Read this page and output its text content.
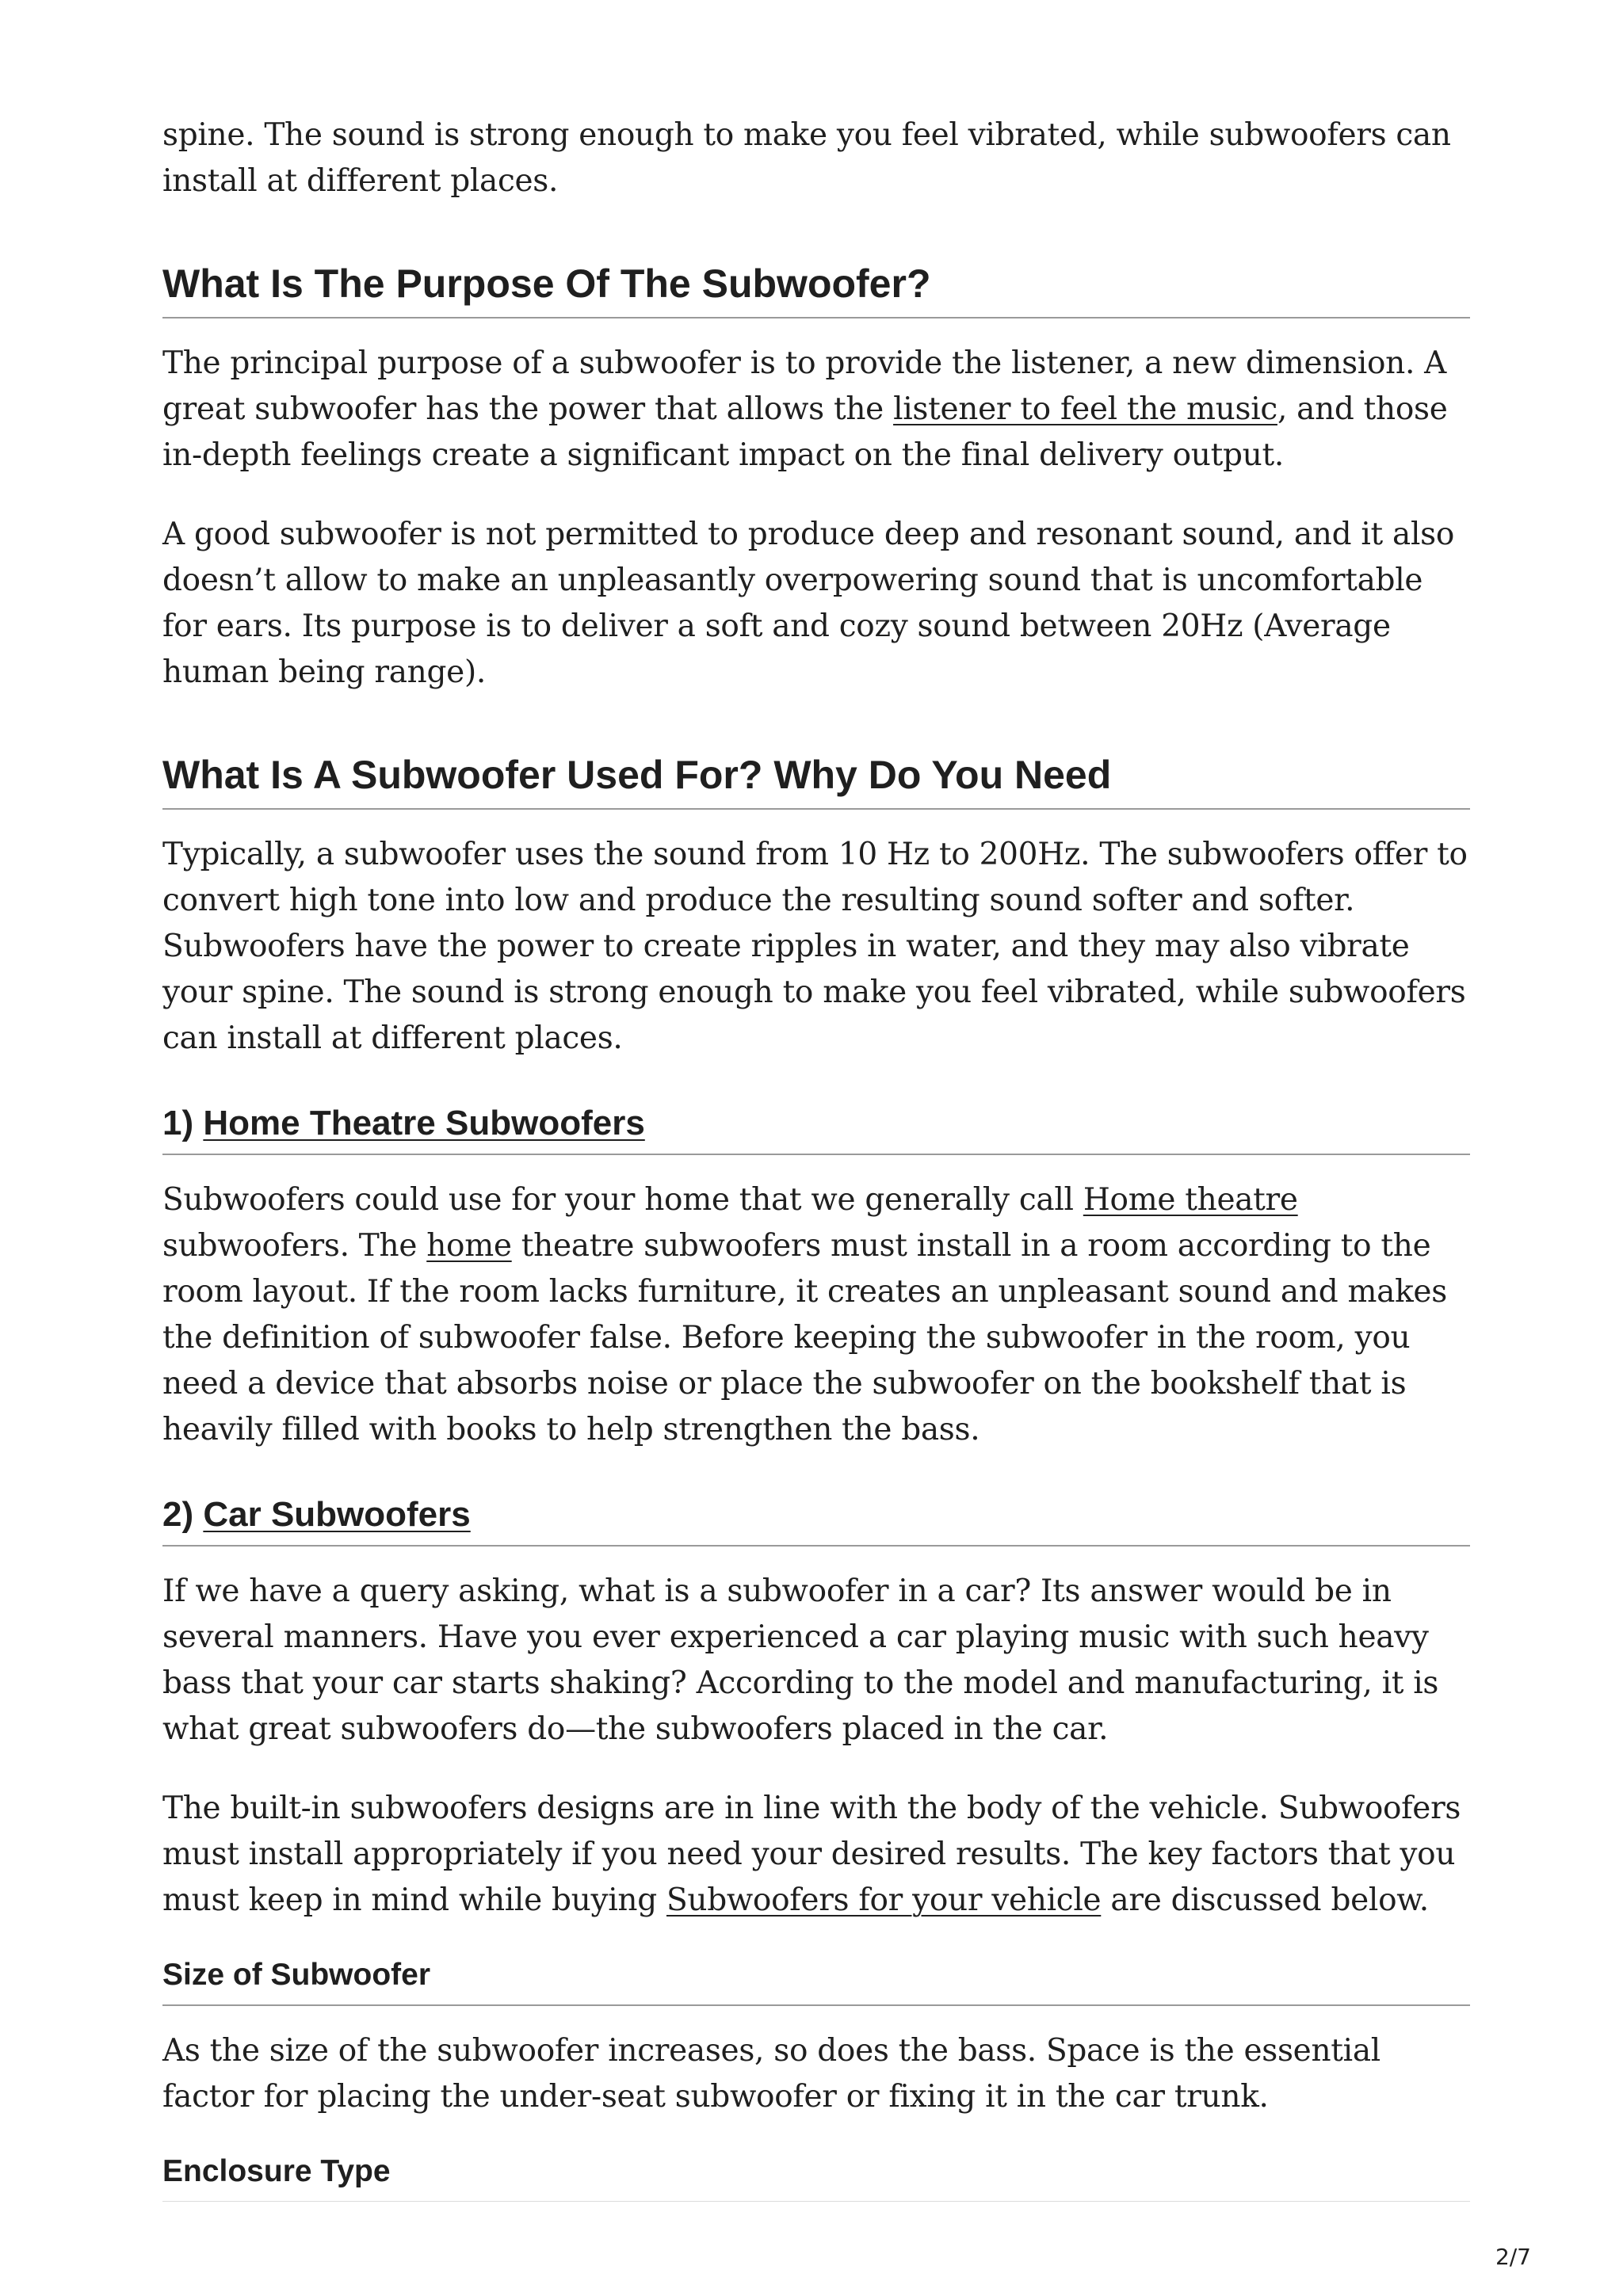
spine. The sound is strong enough to make you feel vibrated, while subwoofers can install at different places.

What Is The Purpose Of The Subwoofer?

The principal purpose of a subwoofer is to provide the listener, a new dimension. A great subwoofer has the power that allows the listener to feel the music, and those in-depth feelings create a significant impact on the final delivery output.

A good subwoofer is not permitted to produce deep and resonant sound, and it also doesn’t allow to make an unpleasantly overpowering sound that is uncomfortable for ears. Its purpose is to deliver a soft and cozy sound between 20Hz (Average human being range).

What Is A Subwoofer Used For? Why Do You Need

Typically, a subwoofer uses the sound from 10 Hz to 200Hz. The subwoofers offer to convert high tone into low and produce the resulting sound softer and softer. Subwoofers have the power to create ripples in water, and they may also vibrate your spine. The sound is strong enough to make you feel vibrated, while subwoofers can install at different places.

1) Home Theatre Subwoofers

Subwoofers could use for your home that we generally call Home theatre subwoofers. The home theatre subwoofers must install in a room according to the room layout. If the room lacks furniture, it creates an unpleasant sound and makes the definition of subwoofer false. Before keeping the subwoofer in the room, you need a device that absorbs noise or place the subwoofer on the bookshelf that is heavily filled with books to help strengthen the bass.

2) Car Subwoofers

If we have a query asking, what is a subwoofer in a car? Its answer would be in several manners. Have you ever experienced a car playing music with such heavy bass that your car starts shaking? According to the model and manufacturing, it is what great subwoofers do—the subwoofers placed in the car.

The built-in subwoofers designs are in line with the body of the vehicle. Subwoofers must install appropriately if you need your desired results. The key factors that you must keep in mind while buying Subwoofers for your vehicle are discussed below.

Size of Subwoofer

As the size of the subwoofer increases, so does the bass. Space is the essential factor for placing the under-seat subwoofer or fixing it in the car trunk.

Enclosure Type
2/7
